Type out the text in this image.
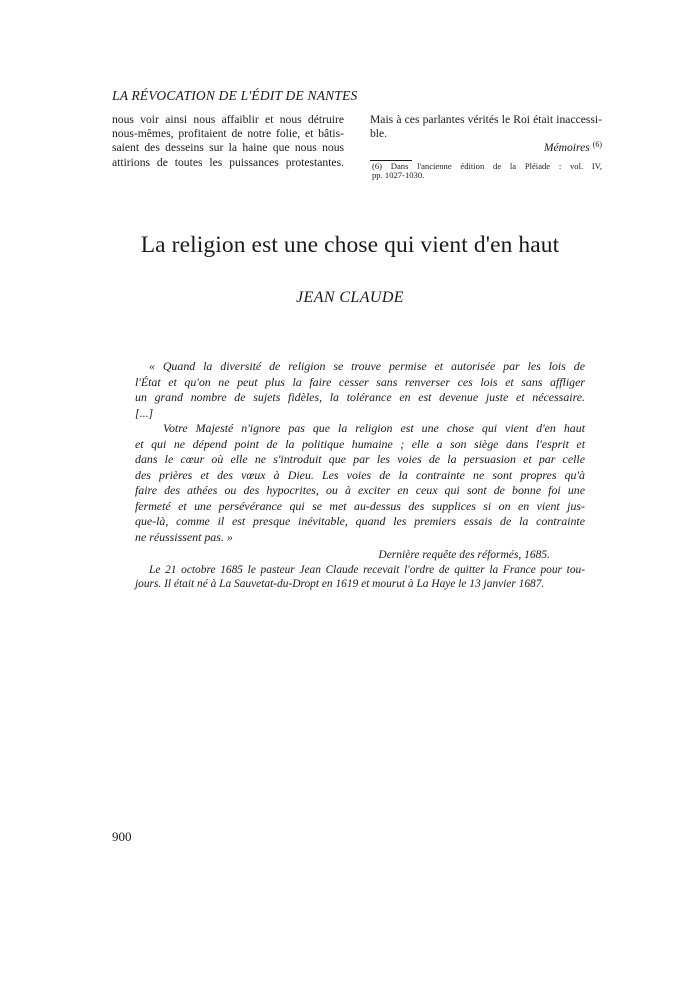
LA RÉVOCATION DE L'ÉDIT DE NANTES
nous voir ainsi nous affaiblir et nous détruire
nous-mêmes, profitaient de notre folie, et bâtis-
saient des desseins sur la haine que nous nous
attirions de toutes les puissances protestantes.
Mais à ces parlantes vérités le Roi était inaccessi-
ble.
Mémoires $^{(6)}$
(6) Dans l'ancienne édition de la Pléiade : vol. IV,
pp. 1027-1030.
La religion est une chose qui vient d'en haut
JEAN CLAUDE
« Quand la diversité de religion se trouve permise et autorisée par les lois de
l'État et qu'on ne peut plus la faire cesser sans renverser ces lois et sans affliger
un grand nombre de sujets fidèles, la tolérance en est devenue juste et nécessaire.
[...]
Votre Majesté n'ignore pas que la religion est une chose qui vient d'en haut
et qui ne dépend point de la politique humaine ; elle a son siège dans l'esprit et
dans le cœur où elle ne s'introduit que par les voies de la persuasion et par celle
des prières et des vœux à Dieu. Les voies de la contrainte ne sont propres qu'à
faire des athées ou des hypocrites, ou à exciter en ceux qui sont de bonne foi une
fermeté et une persévérance qui se met au-dessus des supplices si on en vient jus-
que-là, comme il est presque inévitable, quand les premiers essais de la contrainte
ne réussissent pas. »
Dernière requête des réformés, 1685.
Le 21 octobre 1685 le pasteur Jean Claude recevait l'ordre de quitter la France pour tou-
jours. Il était né à La Sauvetat-du-Dropt en 1619 et mourut à La Haye le 13 janvier 1687.
900
